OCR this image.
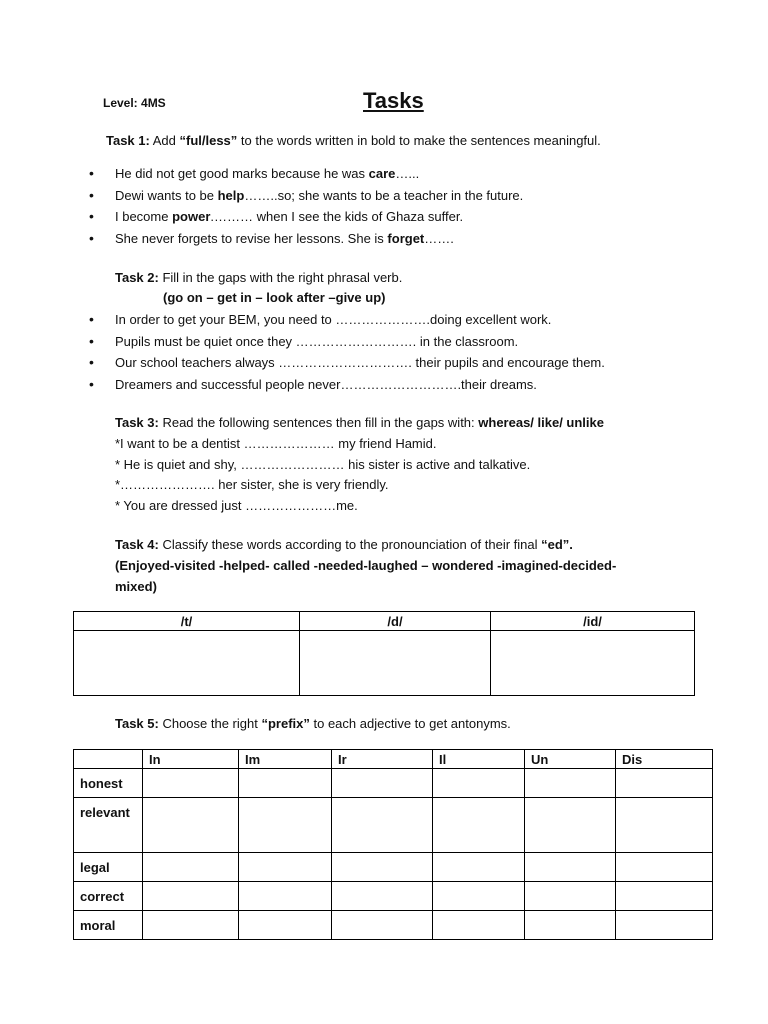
Level: 4MS	Tasks
Task 1: Add “ful/less” to the words written in bold to make the sentences meaningful.
• He did not get good marks because he was care…...
• Dewi wants to be help……..so; she wants to be a teacher in the future.
• I become power.……… when I see the kids of Ghaza suffer.
• She never forgets to revise her lessons. She is forget…….
Task 2: Fill in the gaps with the right phrasal verb.
(go on – get in – look after –give up)
• In order to get your BEM, you need to ………………….doing excellent work.
• Pupils must be quiet once they ………………………. in the classroom.
• Our school teachers always …………………………. their pupils and encourage them.
• Dreamers and successful people never……………………….their dreams.
Task 3: Read the following sentences then fill in the gaps with: whereas/ like/ unlike
*I want to be a dentist ………………… my friend Hamid.
* He is quiet and shy, …………………… his sister is active and talkative.
*…………………. her sister, she is very friendly.
* You are dressed just …………………me.
Task 4: Classify these words according to the pronounciation of their final “ed”.
(Enjoyed-visited -helped- called -needed-laughed – wondered -imagined-decided-
mixed)
/t/	/d/	/id/

Task 5: Choose the right “prefix” to each adjective to get antonyms.
	In	Im	Ir	Il	Un	Dis
honest						
relevant						
legal						
correct						
moral						
